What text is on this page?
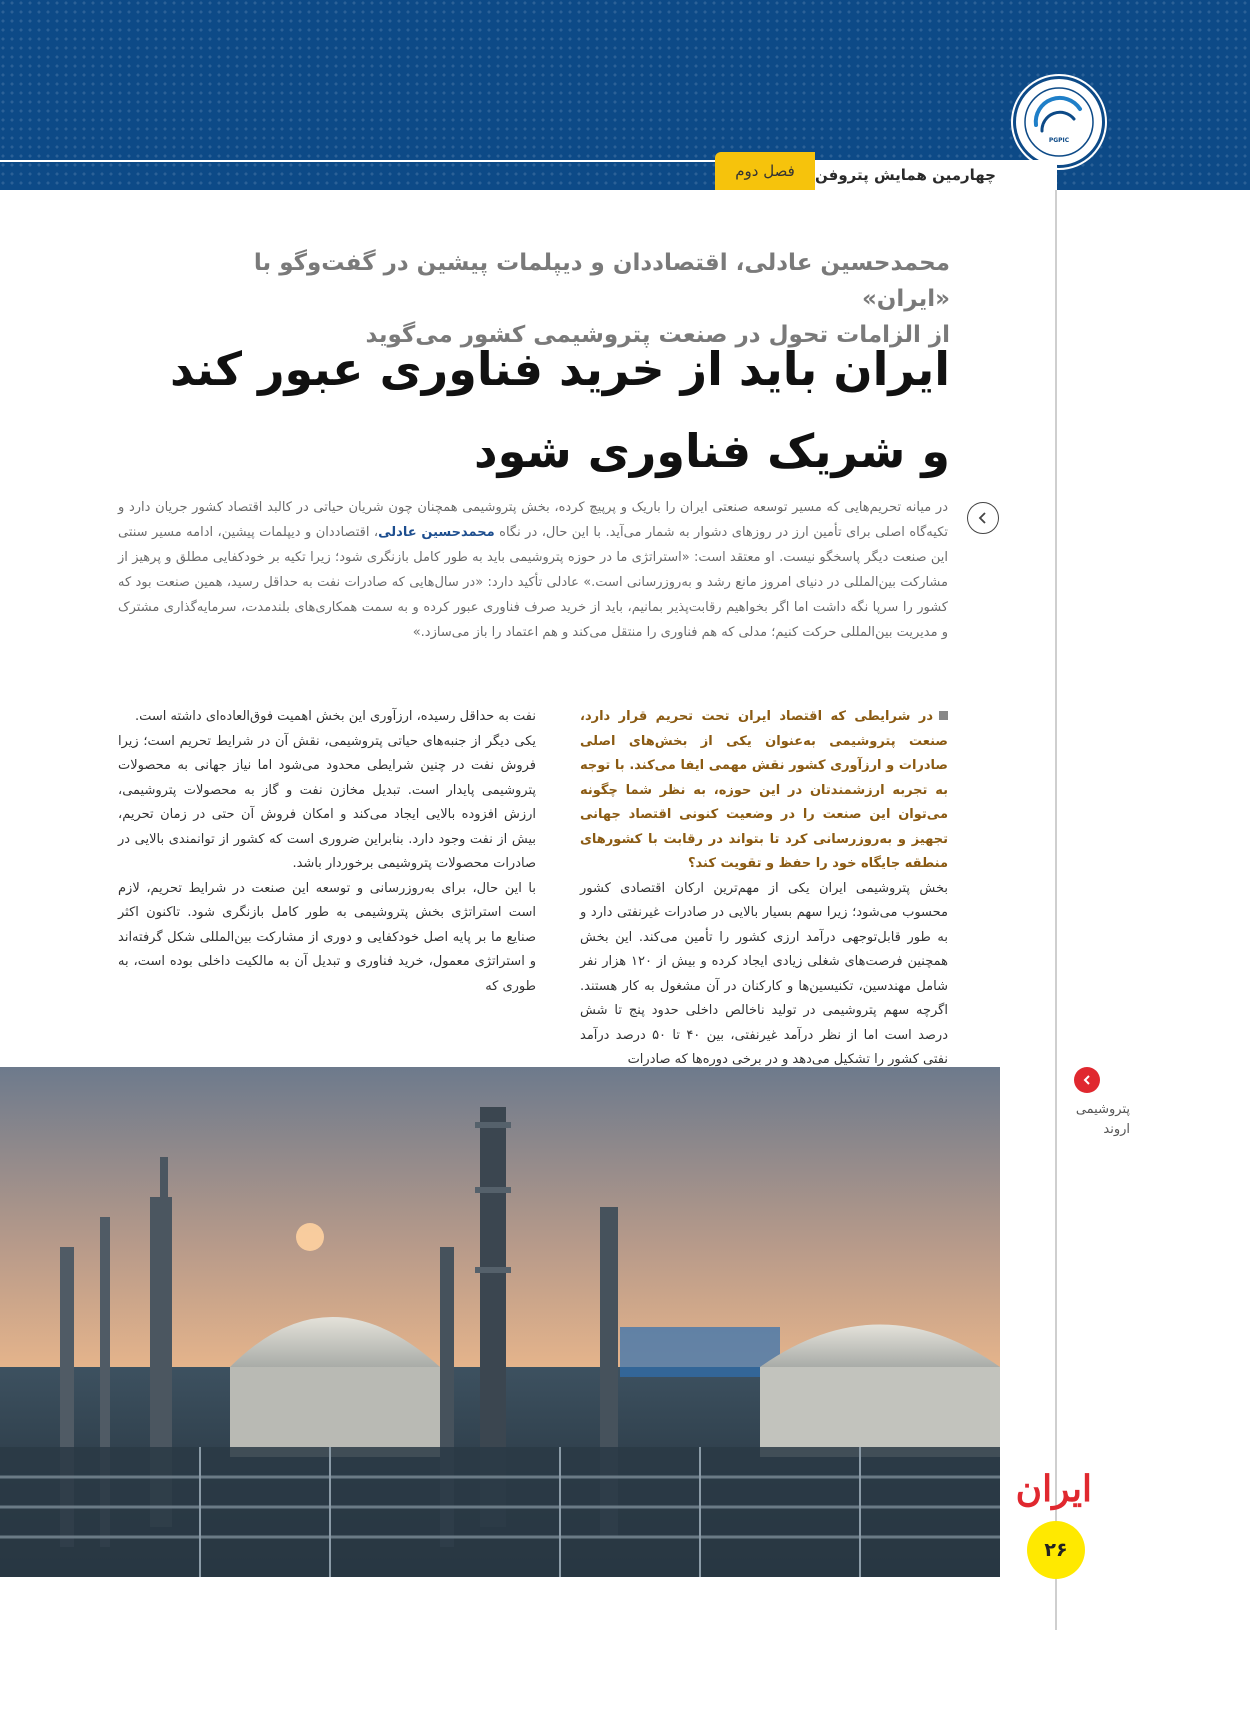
PGPIC
فصل دوم	چهارمین همایش پتروفن
محمدحسین عادلی، اقتصاددان و دیپلمات پیشین در گفت‌وگو با «ایران»
از الزامات تحول در صنعت پتروشیمی کشور می‌گوید
ایران باید از خرید فناوری عبور کند
و شریک فناوری شود
در میانه تحریم‌هایی که مسیر توسعه صنعتی ایران را باریک و پرپیچ کرده، بخش پتروشیمی همچنان چون شریان حیاتی در کالبد اقتصاد کشور جریان دارد و تکیه‌گاه اصلی برای تأمین ارز در روزهای دشوار به شمار می‌آید. با این حال، در نگاه محمدحسین عادلی، اقتصاددان و دیپلمات پیشین، ادامه مسیر سنتی این صنعت دیگر پاسخگو نیست. او معتقد است: «استراتژی ما در حوزه پتروشیمی باید به طور کامل بازنگری شود؛ زیرا تکیه بر خودکفایی مطلق و پرهیز از مشارکت بین‌المللی در دنیای امروز مانع رشد و به‌روزرسانی است.» عادلی تأکید دارد: «در سال‌هایی که صادرات نفت به حداقل رسید، همین صنعت بود که کشور را سرپا نگه داشت اما اگر بخواهیم رقابت‌پذیر بمانیم، باید از خرید صرف فناوری عبور کرده و به سمت همکاری‌های بلندمدت، سرمایه‌گذاری مشترک و مدیریت بین‌المللی حرکت کنیم؛ مدلی که هم فناوری را منتقل می‌کند و هم اعتماد را باز می‌سازد.»

در شرایطی که اقتصاد ایران تحت تحریم قرار دارد، صنعت پتروشیمی به‌عنوان یکی از بخش‌های اصلی صادرات و ارزآوری کشور نقش مهمی ایفا می‌کند. با توجه به تجربه ارزشمندتان در این حوزه، به نظر شما چگونه می‌توان این صنعت را در وضعیت کنونی اقتصاد جهانی تجهیز و به‌روزرسانی کرد تا بتواند در رقابت با کشورهای منطقه جایگاه خود را حفظ و تقویت کند؟

بخش پتروشیمی ایران یکی از مهم‌ترین ارکان اقتصادی کشور محسوب می‌شود؛ زیرا سهم بسیار بالایی در صادرات غیرنفتی دارد و به طور قابل‌توجهی درآمد ارزی کشور را تأمین می‌کند. این بخش همچنین فرصت‌های شغلی زیادی ایجاد کرده و بیش از ۱۲۰ هزار نفر شامل مهندسین، تکنیسین‌ها و کارکنان در آن مشغول به کار هستند. اگرچه سهم پتروشیمی در تولید ناخالص داخلی حدود پنج تا شش درصد است اما از نظر درآمد غیرنفتی، بین ۴۰ تا ۵۰ درصد درآمد نفتی کشور را تشکیل می‌دهد و در برخی دوره‌ها که صادرات

نفت به حداقل رسیده، ارزآوری این بخش اهمیت فوق‌العاده‌ای داشته است.

یکی دیگر از جنبه‌های حیاتی پتروشیمی، نقش آن در شرایط تحریم است؛ زیرا فروش نفت در چنین شرایطی محدود می‌شود اما نیاز جهانی به محصولات پتروشیمی پایدار است. تبدیل مخازن نفت و گاز به محصولات پتروشیمی، ارزش افزوده بالایی ایجاد می‌کند و امکان فروش آن حتی در زمان تحریم، بیش از نفت وجود دارد. بنابراین ضروری است که کشور از توانمندی بالایی در صادرات محصولات پتروشیمی برخوردار باشد.

با این حال، برای به‌روزرسانی و توسعه این صنعت در شرایط تحریم، لازم است استراتژی بخش پتروشیمی به طور کامل بازنگری شود. تاکنون اکثر صنایع ما بر پایه اصل خودکفایی و دوری از مشارکت بین‌المللی شکل گرفته‌اند و استراتژی معمول، خرید فناوری و تبدیل آن به مالکیت داخلی بوده است، به طوری که

پتروشیمی
اروند
ایران
۲۶
